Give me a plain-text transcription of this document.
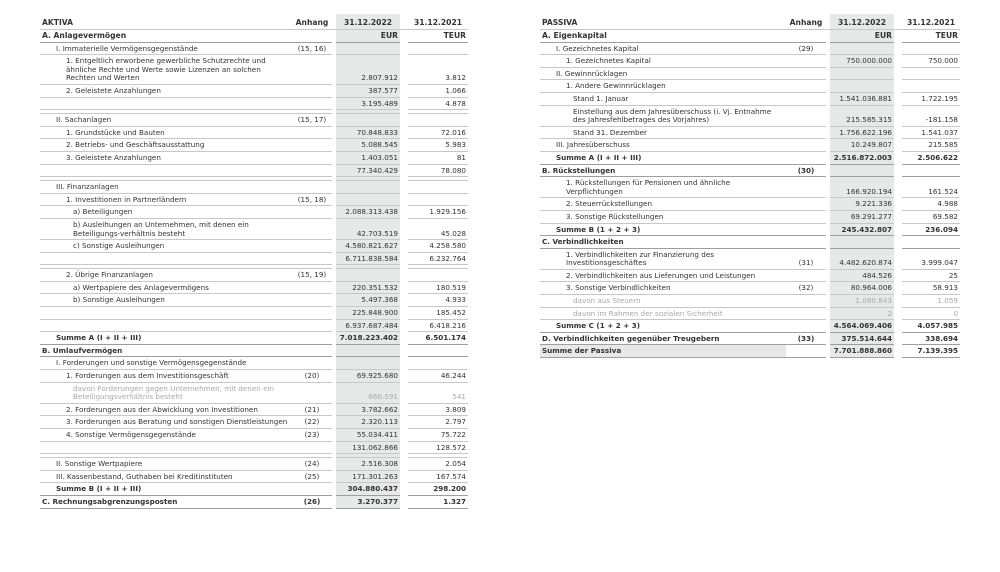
AKTIVA	Anhang		31.12.2022		31.12.2021
A. Anlagevermögen			EUR		TEUR
I. Immaterielle Vermögensgegenstände	(15, 16)				
1. Entgeltlich erworbene gewerbliche Schutzrechte und ähnliche Rechte und Werte sowie Lizenzen an solchen Rechten und Werten			2.807.912		3.812
2. Geleistete Anzahlungen			387.577		1.066
			3.195.489		4.878

II. Sachanlagen	(15, 17)				
1. Grundstücke und Bauten			70.848.833		72.016
2. Betriebs- und Geschäftsausstattung			5.088.545		5.983
3. Geleistete Anzahlungen			1.403.051		81
			77.340.429		78.080

III. Finanzanlagen					
1. Investitionen in Partnerländern	(15, 18)				
a) Beteiligungen			2.088.313.438		1.929.156
b) Ausleihungen an Unternehmen, mit denen ein Beteiligungs-verhältnis besteht			42.703.519		45.028
c) Sonstige Ausleihungen			4.580.821.627		4.258.580
			6.711.838.584		6.232.764

2. Übrige Finanzanlagen	(15, 19)				
a) Wertpapiere des Anlagevermögens			220.351.532		180.519
b) Sonstige Ausleihungen			5.497.368		4.933
			225.848.900		185.452
			6.937.687.484		6.418.216
Summe A (I + II + III)			7.018.223.402		6.501.174
B. Umlaufvermögen					
I. Forderungen und sonstige Vermögensgegenstände					
1. Forderungen aus dem Investitionsgeschäft	(20)		69.925.680		46.244
davon Forderungen gegen Unternehmen, mit denen ein Beteiligungsverhältnis besteht			860.591		541
2. Forderungen aus der Abwicklung von Investitionen	(21)		3.782.662		3.809
3. Forderungen aus Beratung und sonstigen Dienstleistungen	(22)		2.320.113		2.797
4. Sonstige Vermögensgegenstände	(23)		55.034.411		75.722
			131.062.866		128.572

II. Sonstige Wertpapiere	(24)		2.516.308		2.054
III. Kassenbestand, Guthaben bei Kreditinstituten	(25)		171.301.263		167.574
Summe B (I + II + III)			304.880.437		298.200
C. Rechnungsabgrenzungsposten	(26)		3.270.377		1.327
PASSIVA	Anhang		31.12.2022		31.12.2021
A. Eigenkapital			EUR		TEUR
I. Gezeichnetes Kapital	(29)				
1. Gezeichnetes Kapital			750.000.000		750.000
II. Gewinnrücklagen					
1. Andere Gewinnrücklagen					
Stand 1. Januar			1.541.036.881		1.722.195
Einstellung aus dem Jahresüberschuss (i. Vj. Entnahme des Jahresfehlbetrages des Vorjahres)			215.585.315		-181.158
Stand 31. Dezember			1.756.622.196		1.541.037
III. Jahresüberschuss			10.249.807		215.585
Summe A (I + II + III)			2.516.872.003		2.506.622
B. Rückstellungen	(30)				
1. Rückstellungen für Pensionen und ähnliche Verpflichtungen			166.920.194		161.524
2. Steuerrückstellungen			9.221.336		4.988
3. Sonstige Rückstellungen			69.291.277		69.582
Summe B (1 + 2 + 3)			245.432.807		236.094
C. Verbindlichkeiten					
1. Verbindlichkeiten zur Finanzierung des Investitionsgeschäftes	(31)		4.482.620.874		3.999.047
2. Verbindlichkeiten aus Lieferungen und Leistungen			484.526		25
3. Sonstige Verbindlichkeiten	(32)		80.964.006		58.913
davon aus Steuern			1.080.843		1.059
davon im Rahmen der sozialen Sicherheit			2		0
Summe C (1 + 2 + 3)			4.564.069.406		4.057.985
D. Verbindlichkeiten gegenüber Treugebern	(33)		375.514.644		338.694
Summe der Passiva			7.701.888.860		7.139.395
